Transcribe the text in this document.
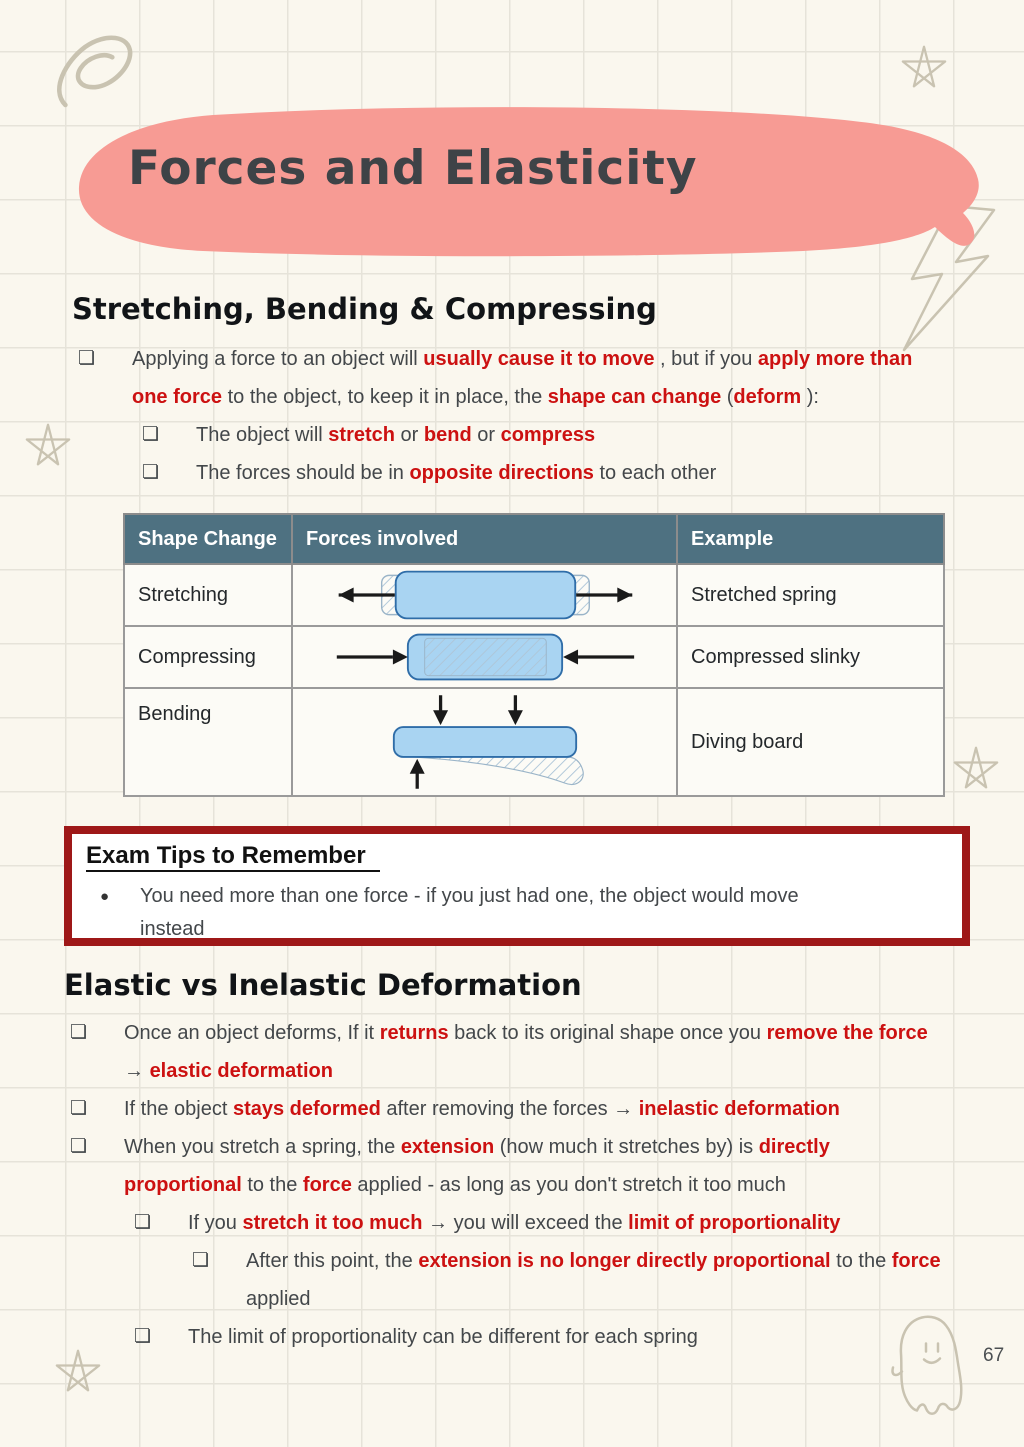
Forces and Elasticity
Stretching, Bending & Compressing
❏	Applying a force to an object will usually cause it to move , but if you apply more than one force to the object, to keep it in place, the shape can change (deform ):
❏	The object will stretch or bend or compress
❏	The forces should be in opposite directions to each other
Shape Change	Forces involved	Example
Stretching		Stretched spring
Compressing		Compressed slinky
Bending		Diving board
Exam Tips to Remember
●	You need more than one force - if you just had one, the object would move instead
Elastic vs Inelastic Deformation
❏	Once an object deforms, If it returns back to its original shape once you remove the force → elastic deformation
❏	If the object stays deformed after removing the forces → inelastic deformation
❏	When you stretch a spring, the extension (how much it stretches by) is directly proportional to the force applied - as long as you don't stretch it too much
❏	If you stretch it too much → you will exceed the limit of proportionality
❏	After this point, the extension is no longer directly proportional to the force applied
❏	The limit of proportionality can be different for each spring
67
